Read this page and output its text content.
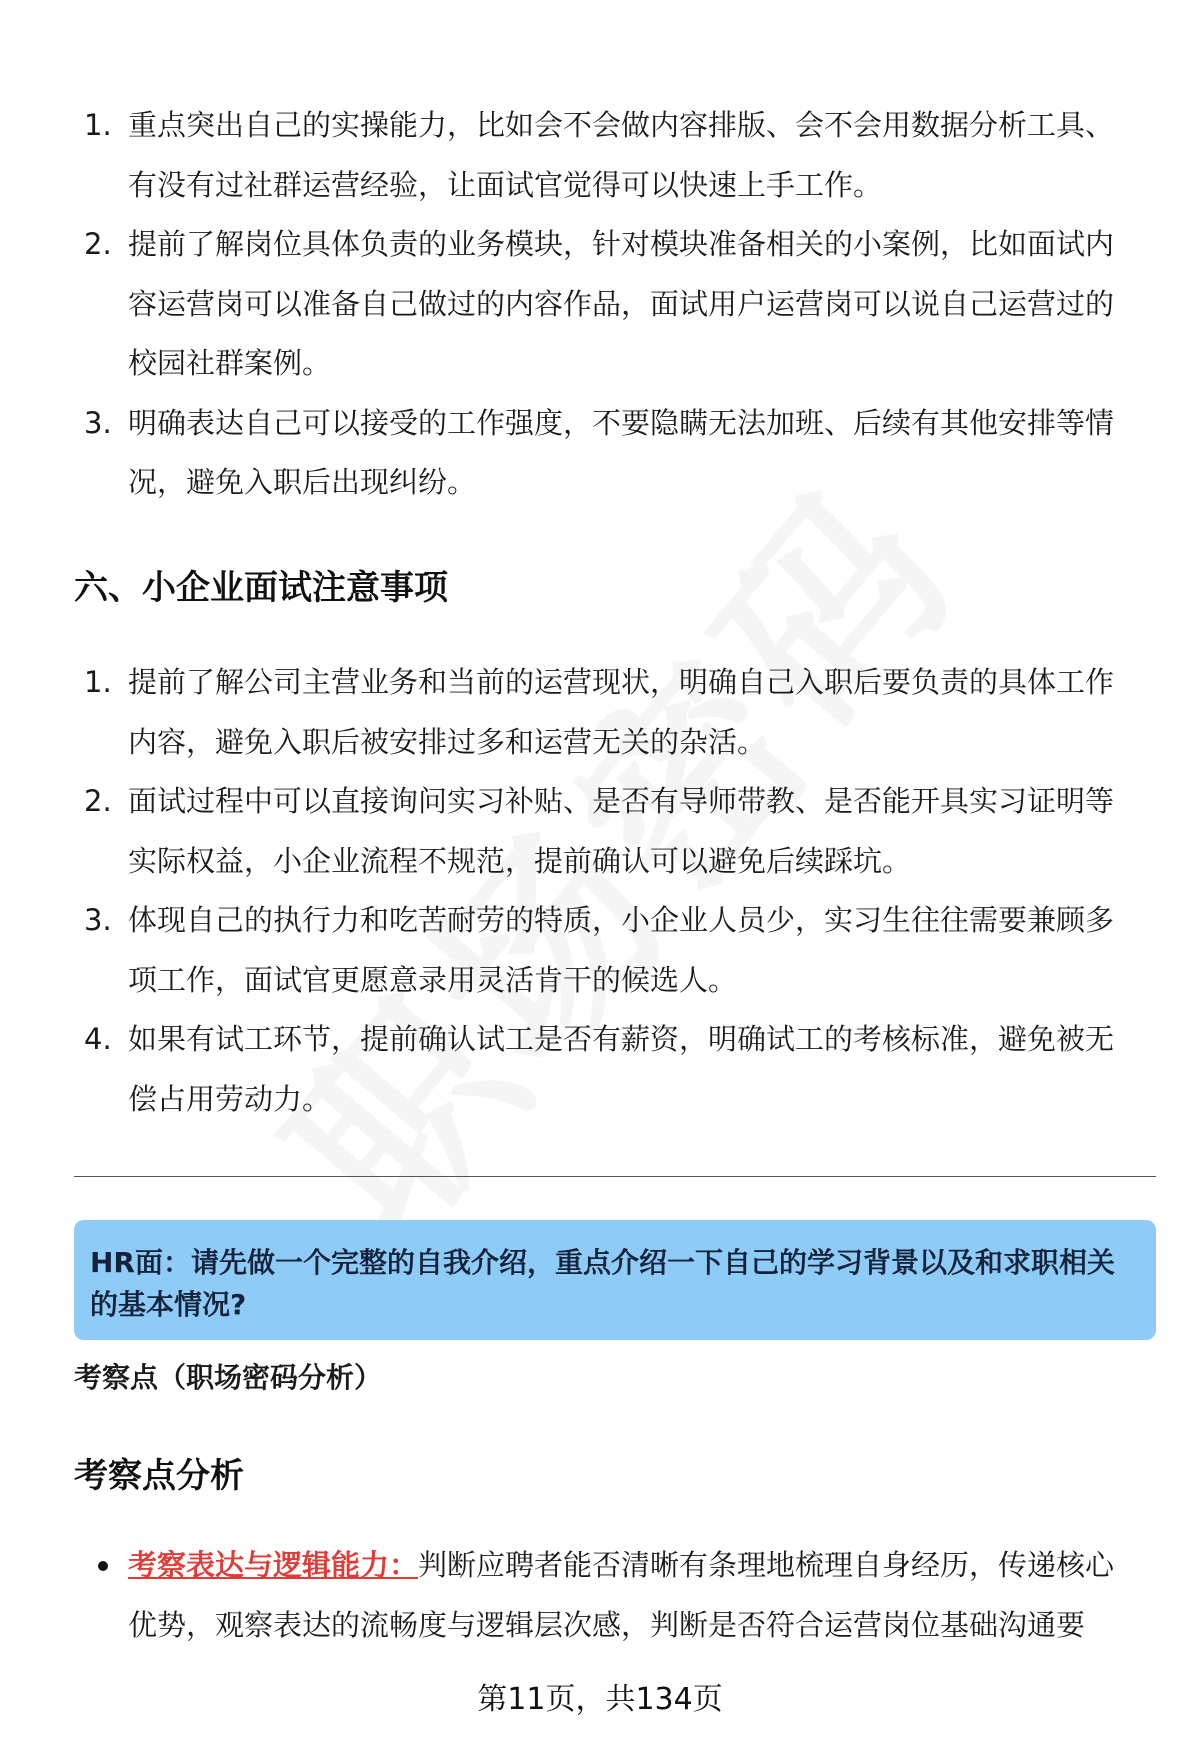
1. 重点突出自己的实操能力，比如会不会做内容排版、会不会用数据分析工具、有没有过社群运营经验，让面试官觉得可以快速上手工作。
2. 提前了解岗位具体负责的业务模块，针对模块准备相关的小案例，比如面试内容运营岗可以准备自己做过的内容作品，面试用户运营岗可以说自己运营过的校园社群案例。
3. 明确表达自己可以接受的工作强度，不要隐瞒无法加班、后续有其他安排等情况，避免入职后出现纠纷。
六、小企业面试注意事项
1. 提前了解公司主营业务和当前的运营现状，明确自己入职后要负责的具体工作内容，避免入职后被安排过多和运营无关的杂活。
2. 面试过程中可以直接询问实习补贴、是否有导师带教、是否能开具实习证明等实际权益，小企业流程不规范，提前确认可以避免后续踩坑。
3. 体现自己的执行力和吃苦耐劳的特质，小企业人员少，实习生往往需要兼顾多项工作，面试官更愿意录用灵活肯干的候选人。
4. 如果有试工环节，提前确认试工是否有薪资，明确试工的考核标准，避免被无偿占用劳动力。
HR面：请先做一个完整的自我介绍，重点介绍一下自己的学习背景以及和求职相关的基本情况?
考察点（职场密码分析）
考察点分析
考察表达与逻辑能力：判断应聘者能否清晰有条理地梳理自身经历，传递核心优势，观察表达的流畅度与逻辑层次感，判断是否符合运营岗位基础沟通要
第11页，共134页
